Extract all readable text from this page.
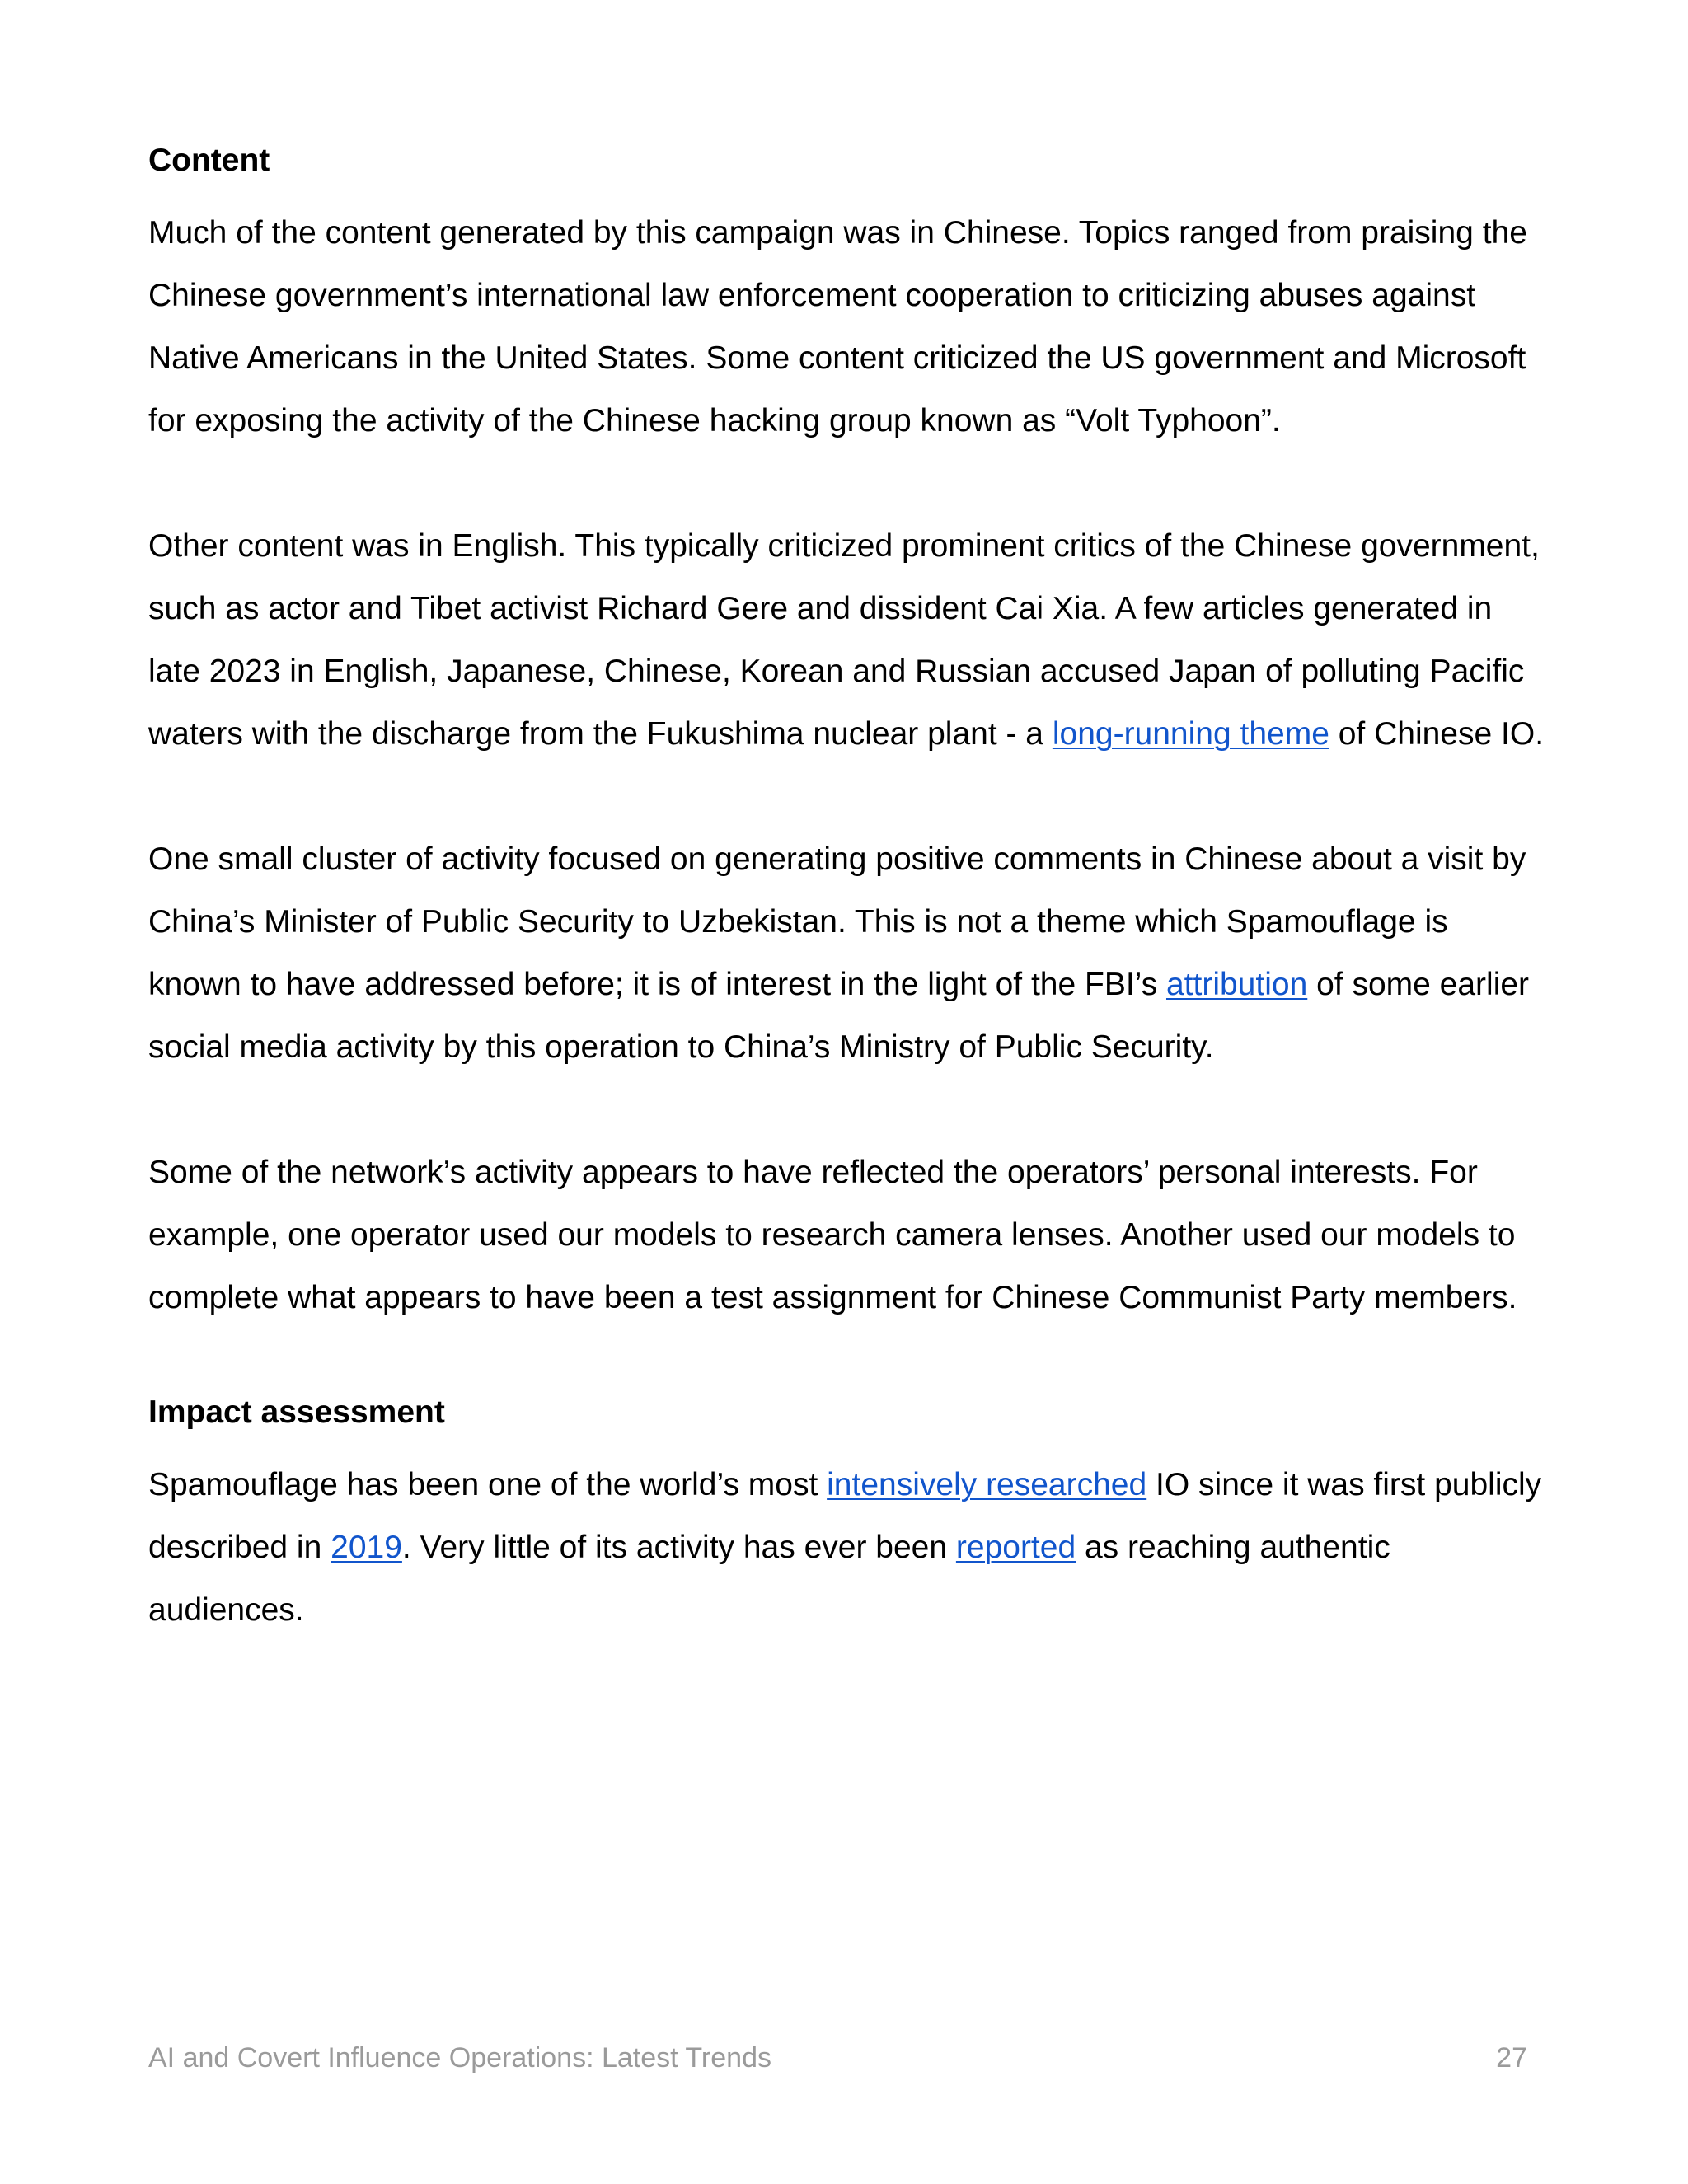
Content

Much of the content generated by this campaign was in Chinese. Topics ranged from praising the Chinese government’s international law enforcement cooperation to criticizing abuses against Native Americans in the United States. Some content criticized the US government and Microsoft for exposing the activity of the Chinese hacking group known as “Volt Typhoon”.

Other content was in English. This typically criticized prominent critics of the Chinese government, such as actor and Tibet activist Richard Gere and dissident Cai Xia. A few articles generated in late 2023 in English, Japanese, Chinese, Korean and Russian accused Japan of polluting Pacific waters with the discharge from the Fukushima nuclear plant - a long-running theme of Chinese IO.

One small cluster of activity focused on generating positive comments in Chinese about a visit by China’s Minister of Public Security to Uzbekistan. This is not a theme which Spamouflage is known to have addressed before; it is of interest in the light of the FBI’s attribution of some earlier social media activity by this operation to China’s Ministry of Public Security.

Some of the network’s activity appears to have reflected the operators’ personal interests. For example, one operator used our models to research camera lenses. Another used our models to complete what appears to have been a test assignment for Chinese Communist Party members.

Impact assessment

Spamouflage has been one of the world’s most intensively researched IO since it was first publicly described in 2019. Very little of its activity has ever been reported as reaching authentic audiences.

AI and Covert Influence Operations: Latest Trends	27
